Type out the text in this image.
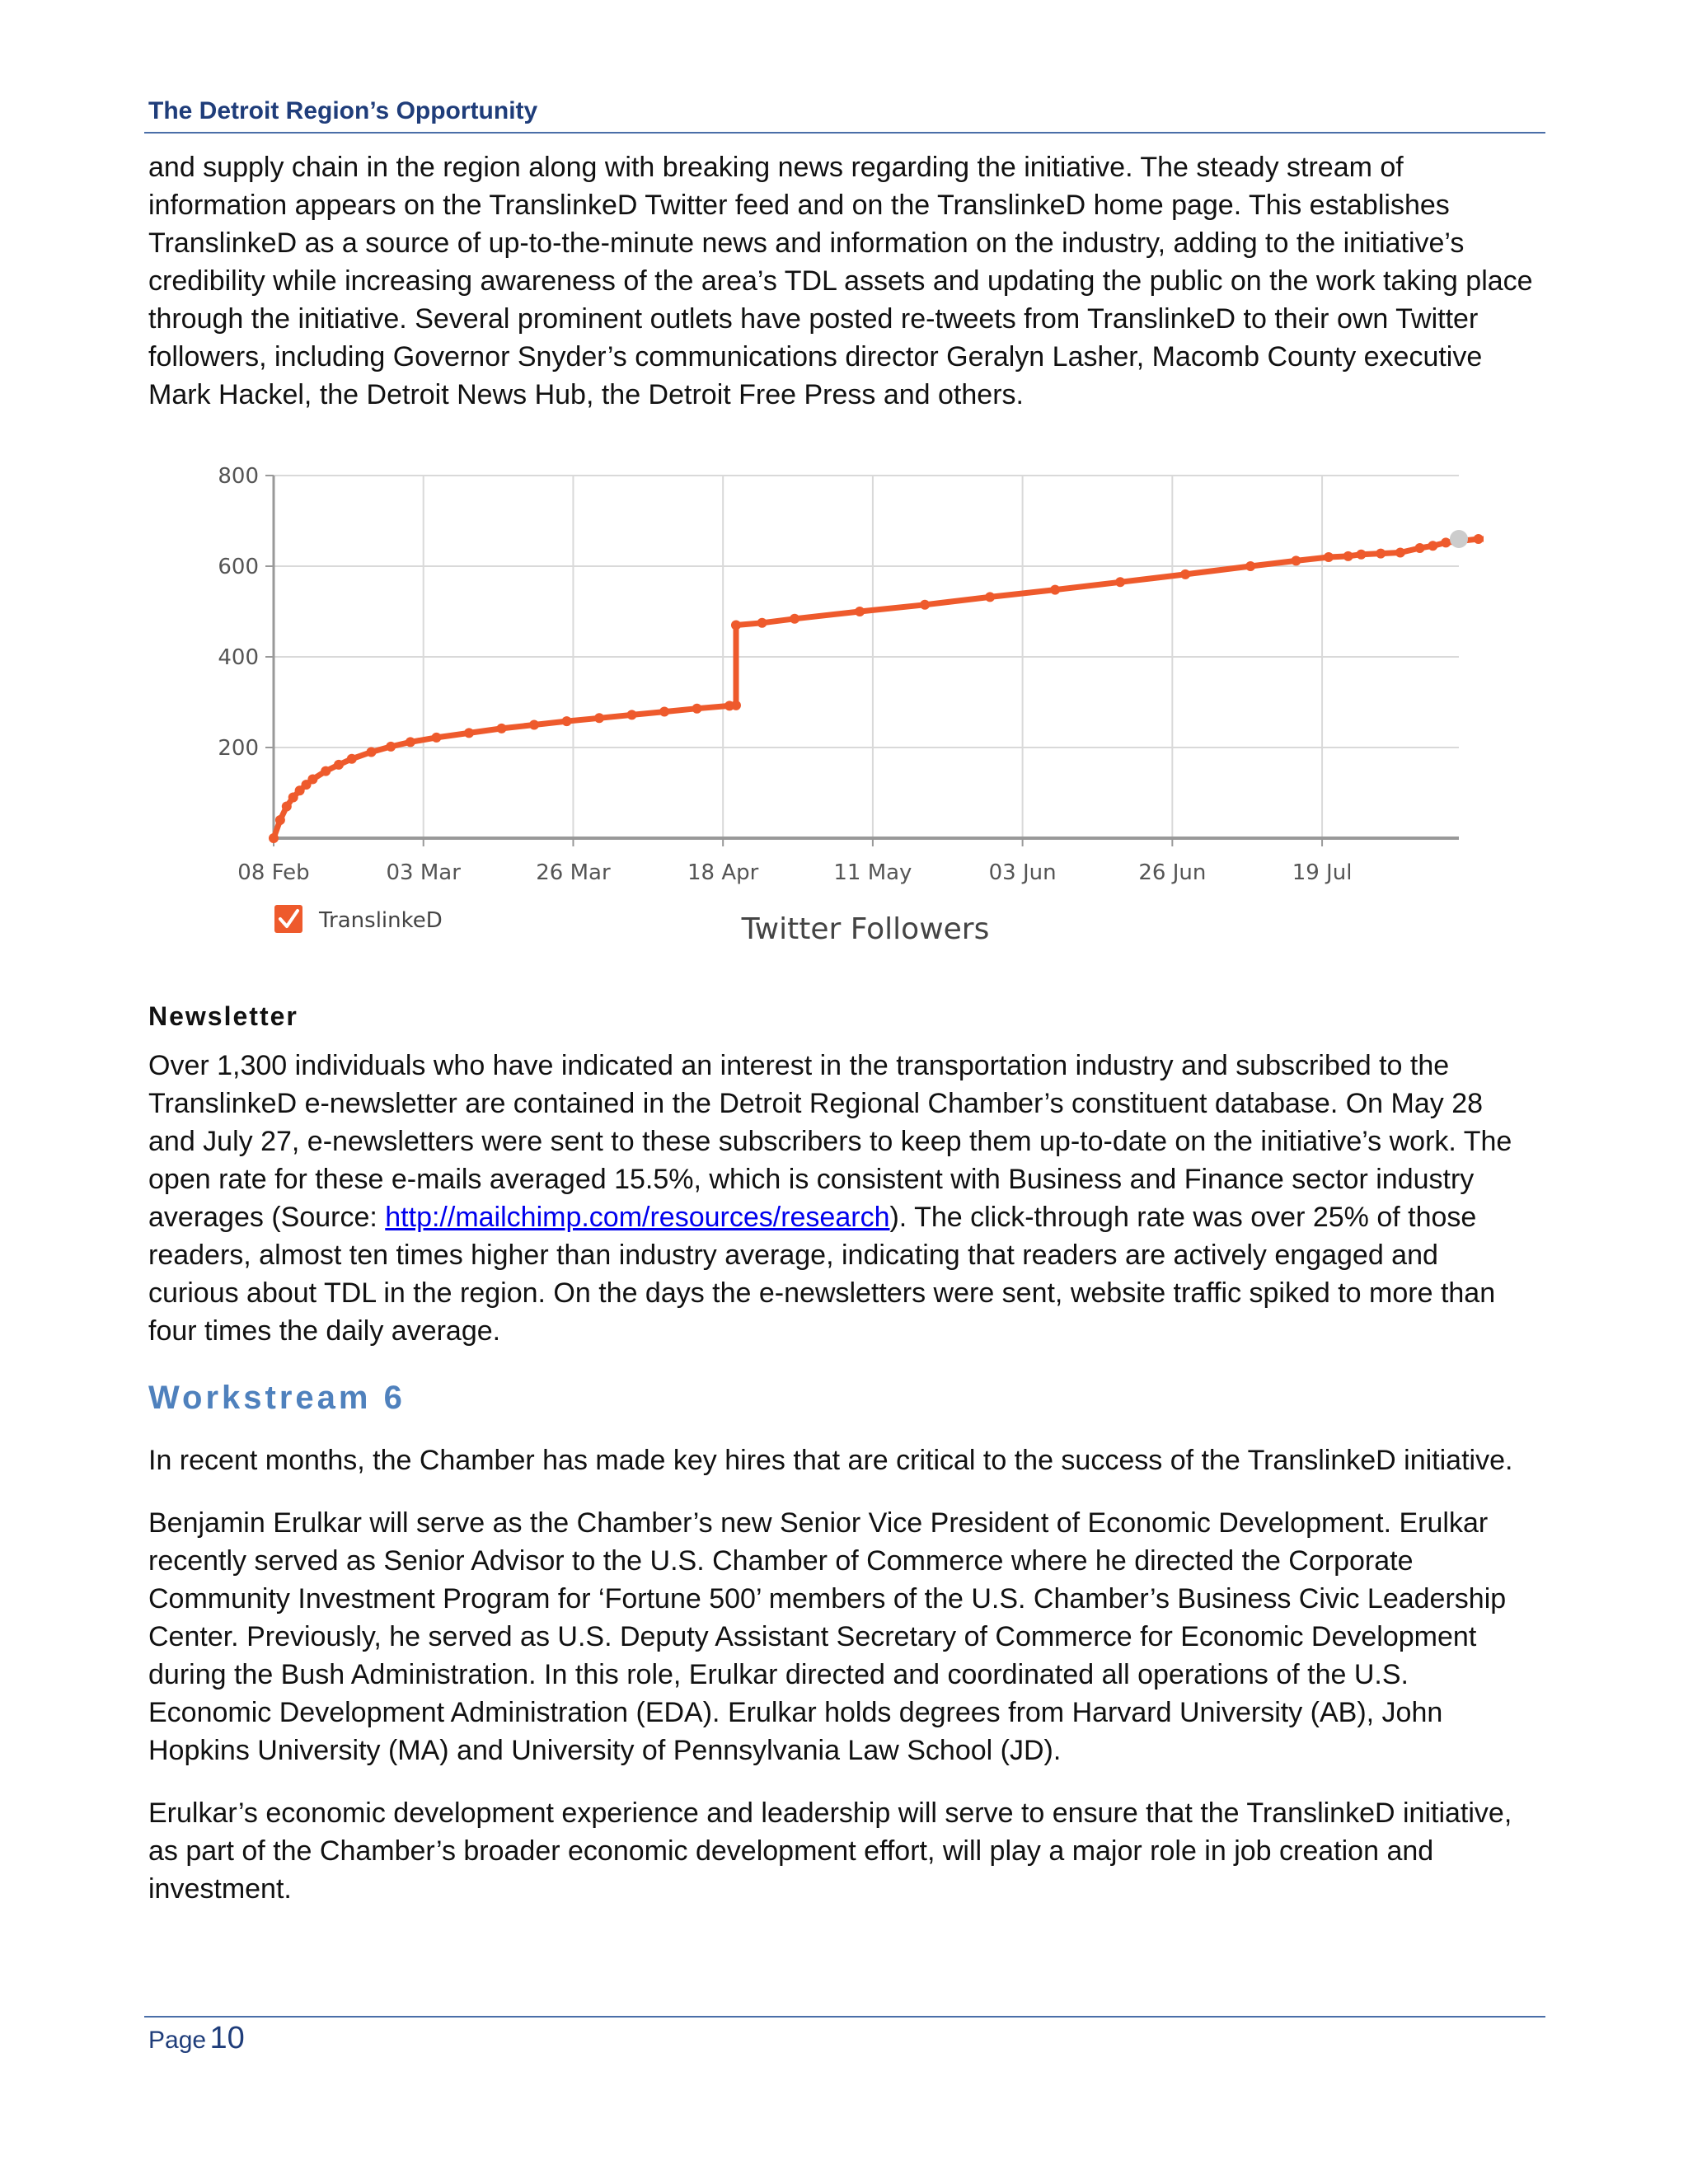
The Detroit Region’s Opportunity

and supply chain in the region along with breaking news regarding the initiative. The steady stream of information appears on the TranslinkeD Twitter feed and on the TranslinkeD home page. This establishes TranslinkeD as a source of up-to-the-minute news and information on the industry, adding to the initiative’s credibility while increasing awareness of the area’s TDL assets and updating the public on the work taking place through the initiative. Several prominent outlets have posted re-tweets from TranslinkeD to their own Twitter followers, including Governor Snyder’s communications director Geralyn Lasher, Macomb County executive Mark Hackel, the Detroit News Hub, the Detroit Free Press and others.

200
400
600
800
08 Feb	03 Mar	26 Mar	18 Apr	11 May	03 Jun	26 Jun	19 Jul
TranslinkeD	Twitter Followers
Newsletter

Over 1,300 individuals who have indicated an interest in the transportation industry and subscribed to the TranslinkeD e-newsletter are contained in the Detroit Regional Chamber’s constituent database. On May 28 and July 27, e-newsletters were sent to these subscribers to keep them up-to-date on the initiative’s work. The open rate for these e-mails averaged 15.5%, which is consistent with Business and Finance sector industry averages (Source: http://mailchimp.com/resources/research). The click-through rate was over 25% of those readers, almost ten times higher than industry average, indicating that readers are actively engaged and curious about TDL in the region. On the days the e-newsletters were sent, website traffic spiked to more than four times the daily average.

Workstream 6

In recent months, the Chamber has made key hires that are critical to the success of the TranslinkeD initiative.

Benjamin Erulkar will serve as the Chamber’s new Senior Vice President of Economic Development. Erulkar recently served as Senior Advisor to the U.S. Chamber of Commerce where he directed the Corporate Community Investment Program for ‘Fortune 500’ members of the U.S. Chamber’s Business Civic Leadership Center. Previously, he served as U.S. Deputy Assistant Secretary of Commerce for Economic Development during the Bush Administration. In this role, Erulkar directed and coordinated all operations of the U.S. Economic Development Administration (EDA). Erulkar holds degrees from Harvard University (AB), John Hopkins University (MA) and University of Pennsylvania Law School (JD).

Erulkar’s economic development experience and leadership will serve to ensure that the TranslinkeD initiative, as part of the Chamber’s broader economic development effort, will play a major role in job creation and investment.

Page 10
